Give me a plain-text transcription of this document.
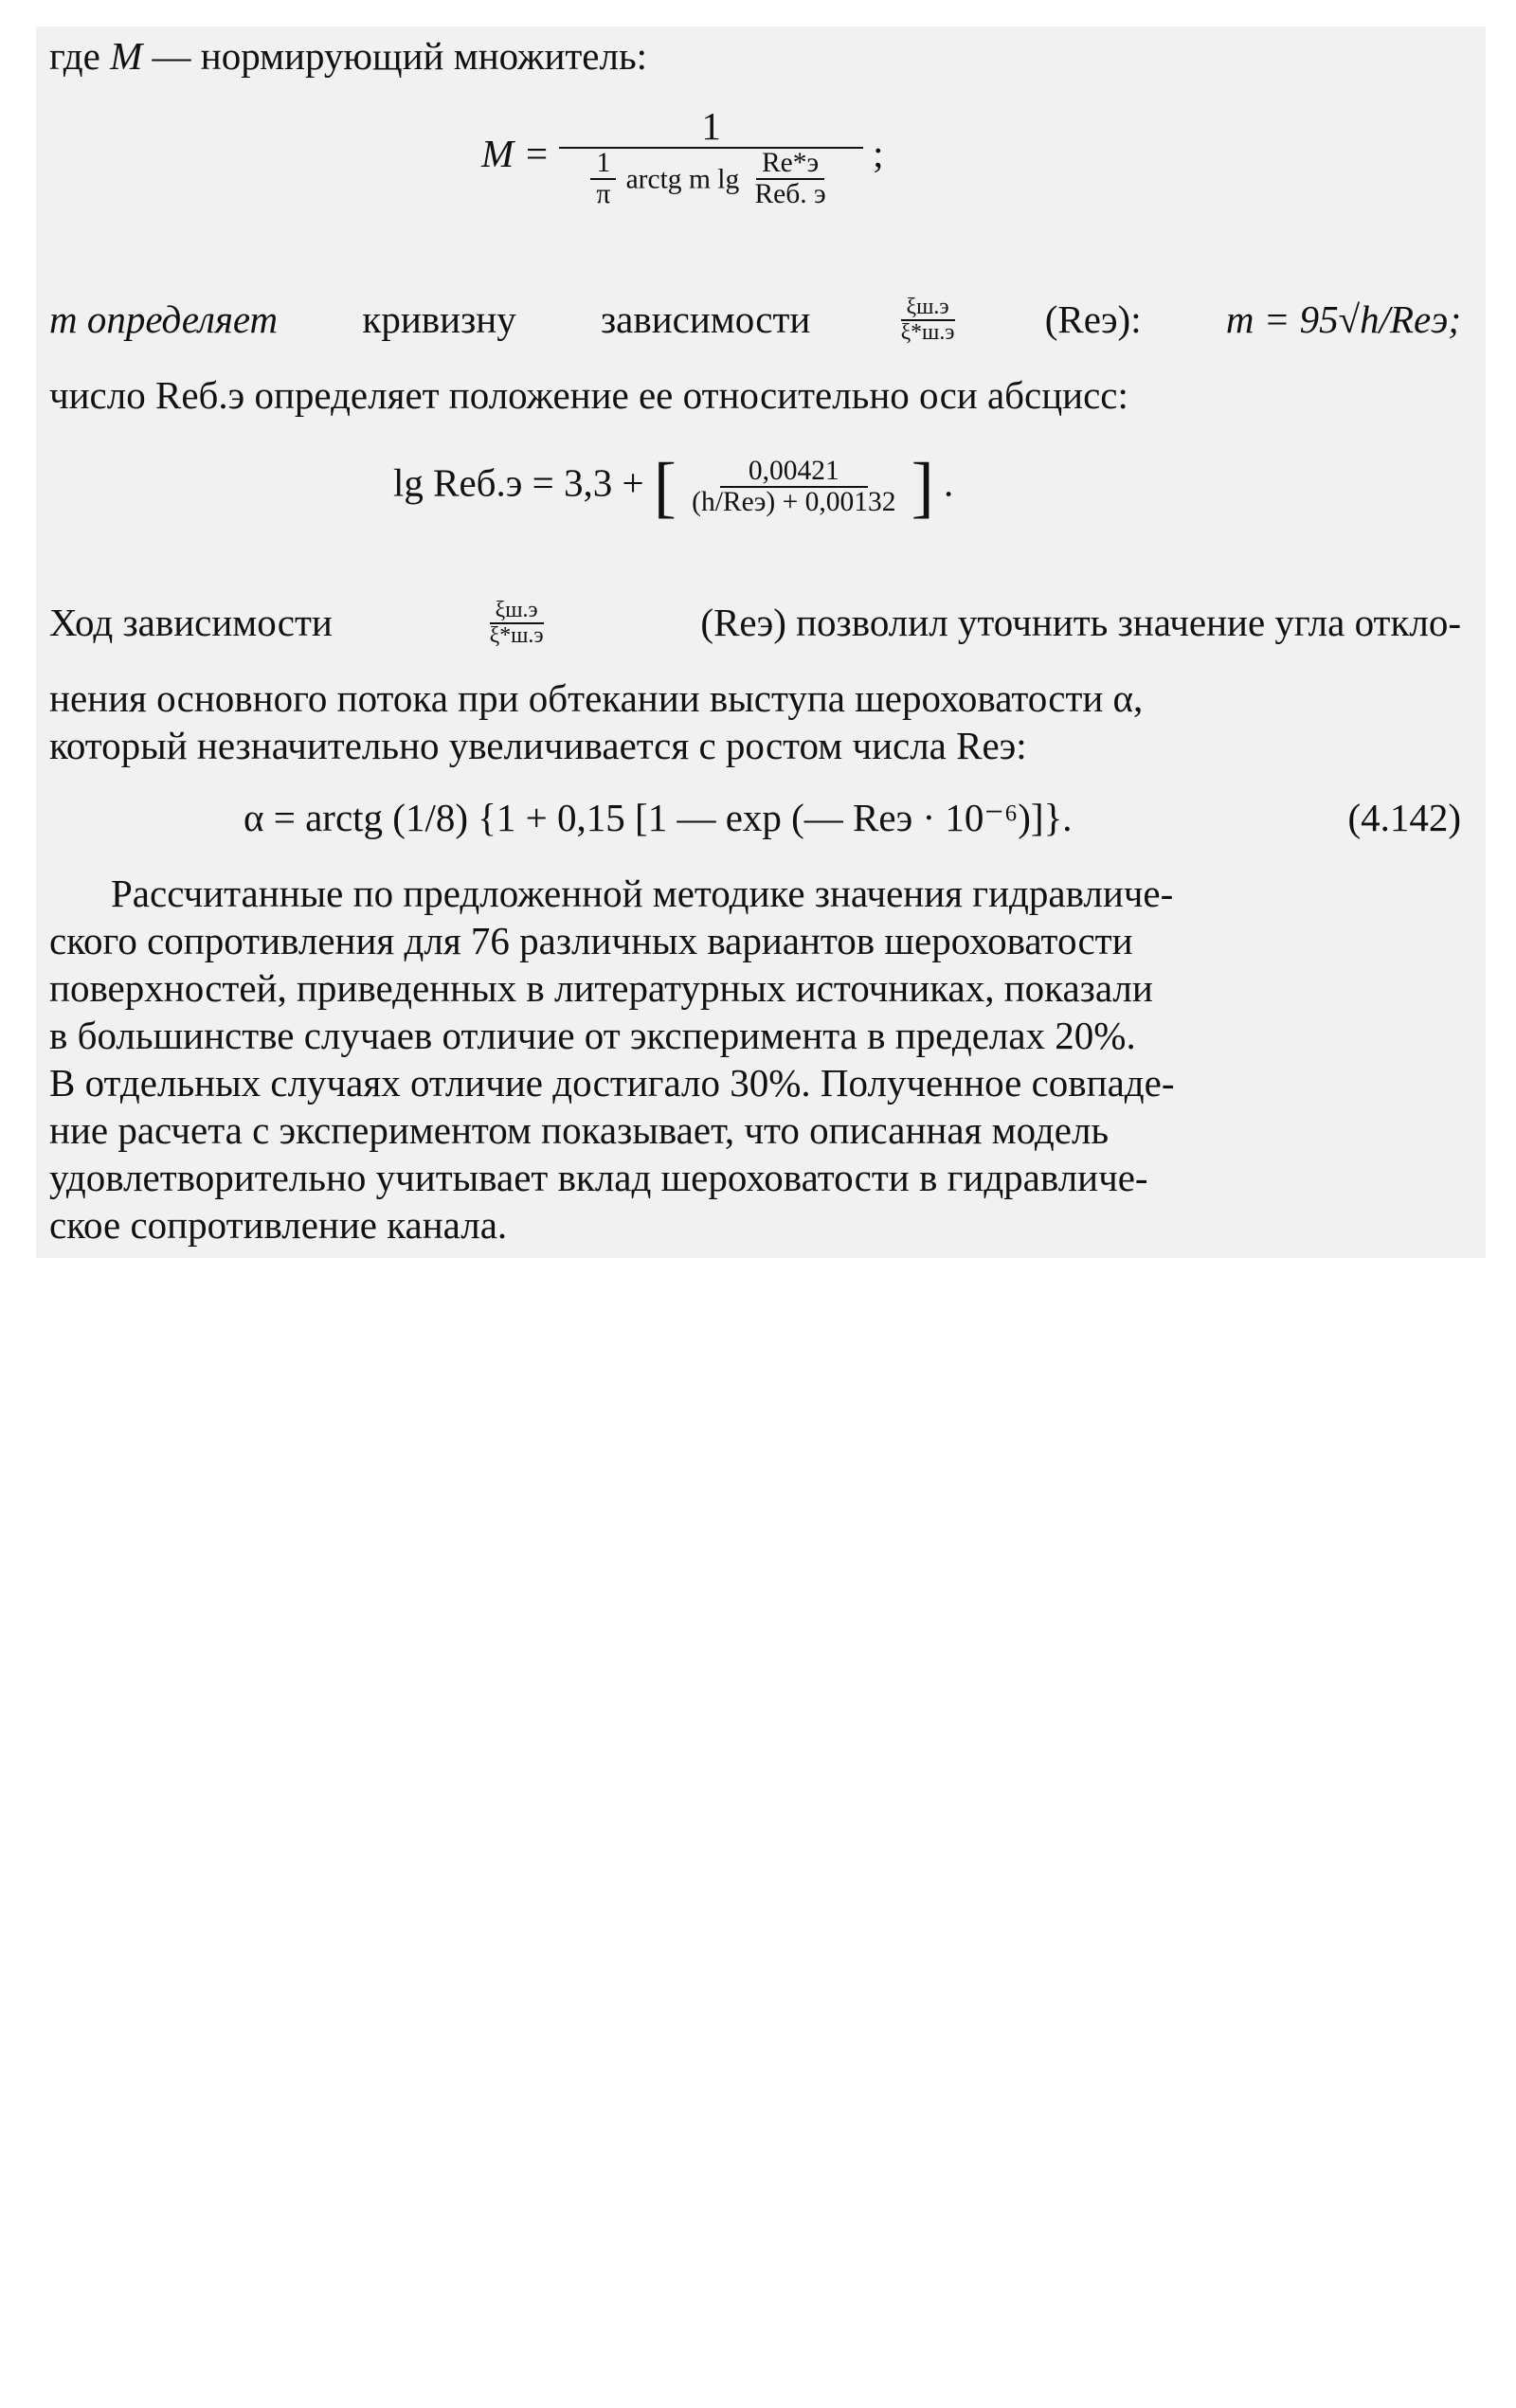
где M — нормирующий множитель:
M =
1
$\frac{1}{\pi}$ arctg m $\lg \frac{Re*э}{\text{Reб. э}}$ ;
m определяет кривизну зависимости	$\frac{\xi ш.э}{\xi*ш.э} (Reэ)$: m = 95√h/Reэ;
число Reб.э определяет положение ее относительно оси абсцисс:
lg Reб.э = 3,3 + [ $\frac{0,00421}{\text{(h/Reэ) + 0,00132}}$ ] .
Ход зависимости	$\frac{\xi ш.э}{\xi*ш.э}$	(Reэ) позволил уточнить значение угла откло-
нения основного потока при обтекании выступа шероховатости α,
который незначительно увеличивается с ростом числа Reэ:
α = arctg (1/8) {1 + 0,15 [1 — exp (— Reэ · 10⁻⁶)]}.	(4.142)
Рассчитанные по предложенной методике значения гидравличе-
ского сопротивления для 76 различных вариантов шероховатости
поверхностей, приведенных в литературных источниках, показали
в большинстве случаев отличие от эксперимента в пределах 20%.
В отдельных случаях отличие достигало 30%. Полученное совпаде-
ние расчета с экспериментом показывает, что описанная модель
удовлетворительно учитывает вклад шероховатости в гидравличе-
ское сопротивление канала.
